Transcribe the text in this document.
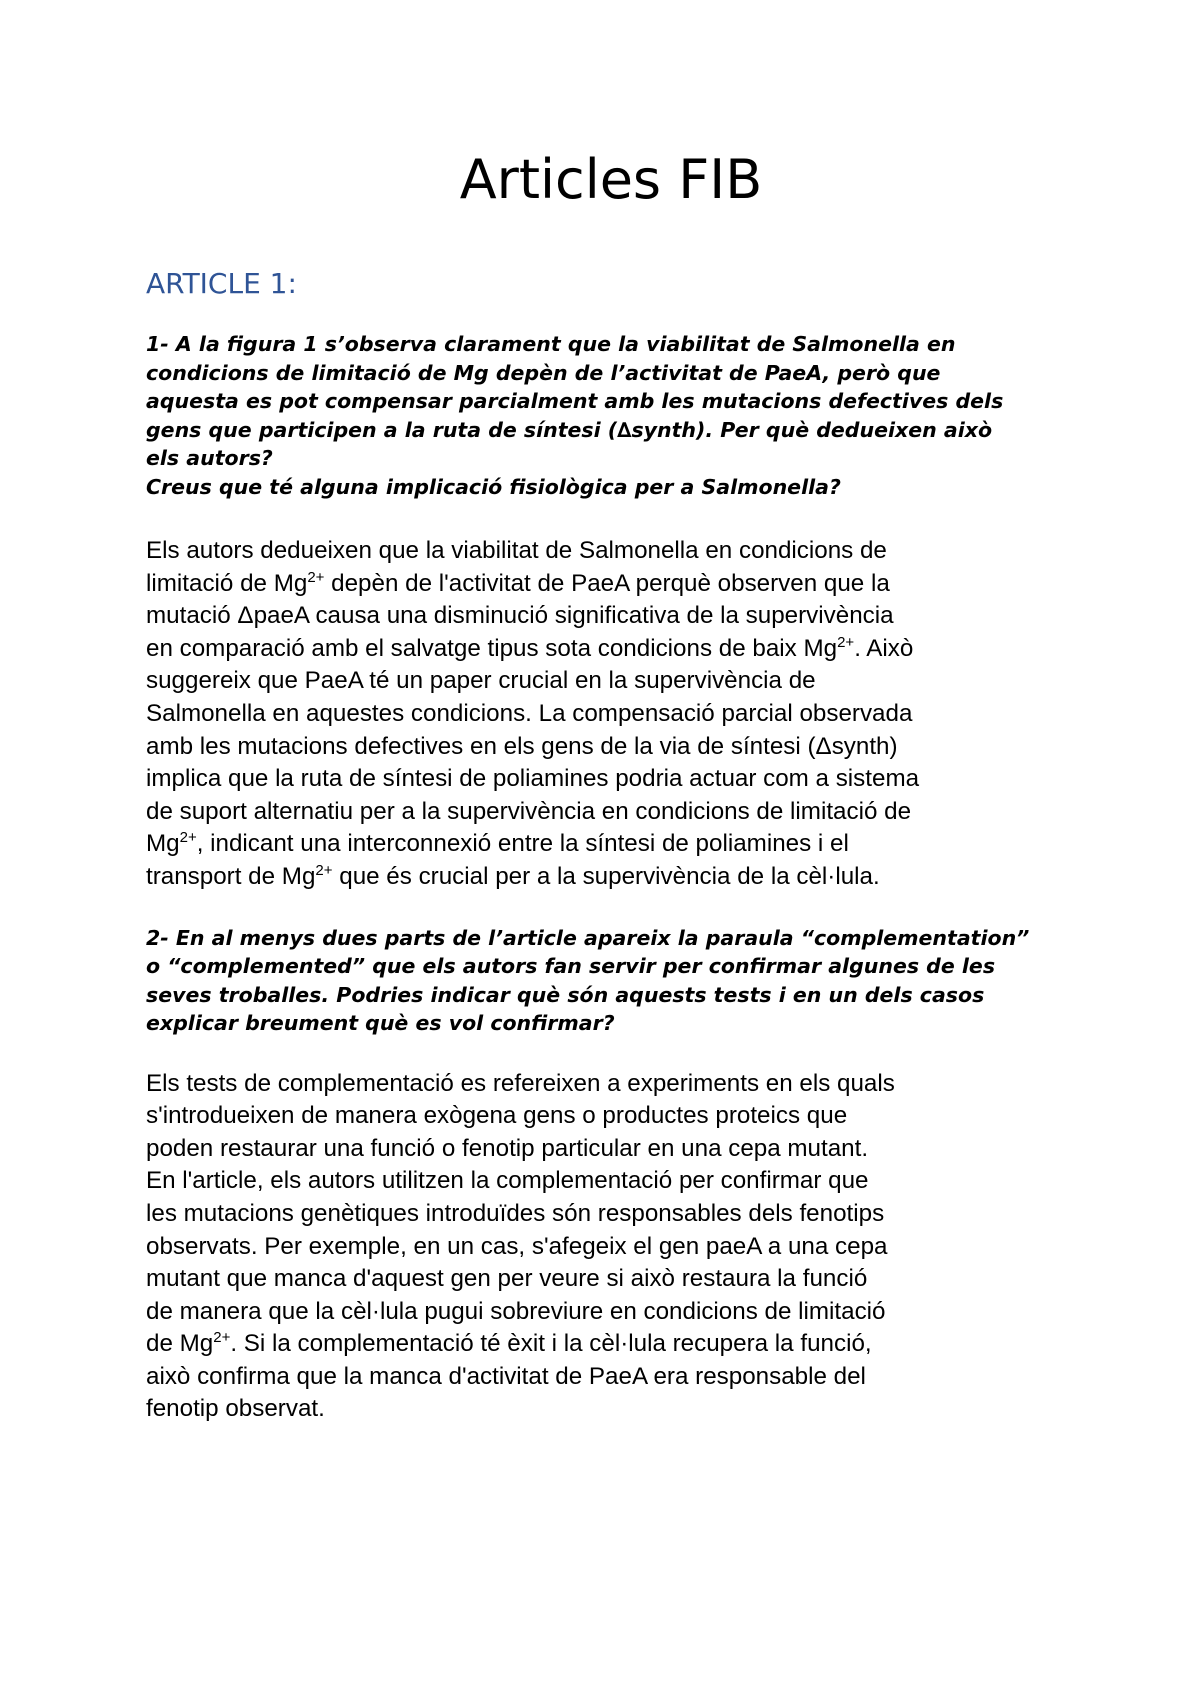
Articles FIB
ARTICLE 1:
1- A la figura 1 s’observa clarament que la viabilitat de Salmonella en
condicions de limitació de Mg depèn de l’activitat de PaeA, però que
aquesta es pot compensar parcialment amb les mutacions defectives dels
gens que participen a la ruta de síntesi (∆synth). Per què dedueixen això
els autors?
Creus que té alguna implicació fisiològica per a Salmonella?
Els autors dedueixen que la viabilitat de Salmonella en condicions de
limitació de $Mg^{2+}$ depèn de l'activitat de PaeA perquè observen que la
mutació ΔpaeA causa una disminució significativa de la supervivència
en comparació amb el salvatge tipus sota condicions de baix $Mg^{2+}$. Això
suggereix que PaeA té un paper crucial en la supervivència de
Salmonella en aquestes condicions. La compensació parcial observada
amb les mutacions defectives en els gens de la via de síntesi (Δsynth)
implica que la ruta de síntesi de poliamines podria actuar com a sistema
de suport alternatiu per a la supervivència en condicions de limitació de
$Mg^{2+}$, indicant una interconnexió entre la síntesi de poliamines i el
transport de $Mg^{2+}$ que és crucial per a la supervivència de la cèl·lula.
2- En al menys dues parts de l’article apareix la paraula “complementation”
o “complemented” que els autors fan servir per confirmar algunes de les
seves troballes. Podries indicar què són aquests tests i en un dels casos
explicar breument què es vol confirmar?
Els tests de complementació es refereixen a experiments en els quals
s'introdueixen de manera exògena gens o productes proteics que
poden restaurar una funció o fenotip particular en una cepa mutant.
En l'article, els autors utilitzen la complementació per confirmar que
les mutacions genètiques introduïdes són responsables dels fenotips
observats. Per exemple, en un cas, s'afegeix el gen paeA a una cepa
mutant que manca d'aquest gen per veure si això restaura la funció
de manera que la cèl·lula pugui sobreviure en condicions de limitació
de $Mg^{2+}$. Si la complementació té èxit i la cèl·lula recupera la funció,
això confirma que la manca d'activitat de PaeA era responsable del
fenotip observat.
